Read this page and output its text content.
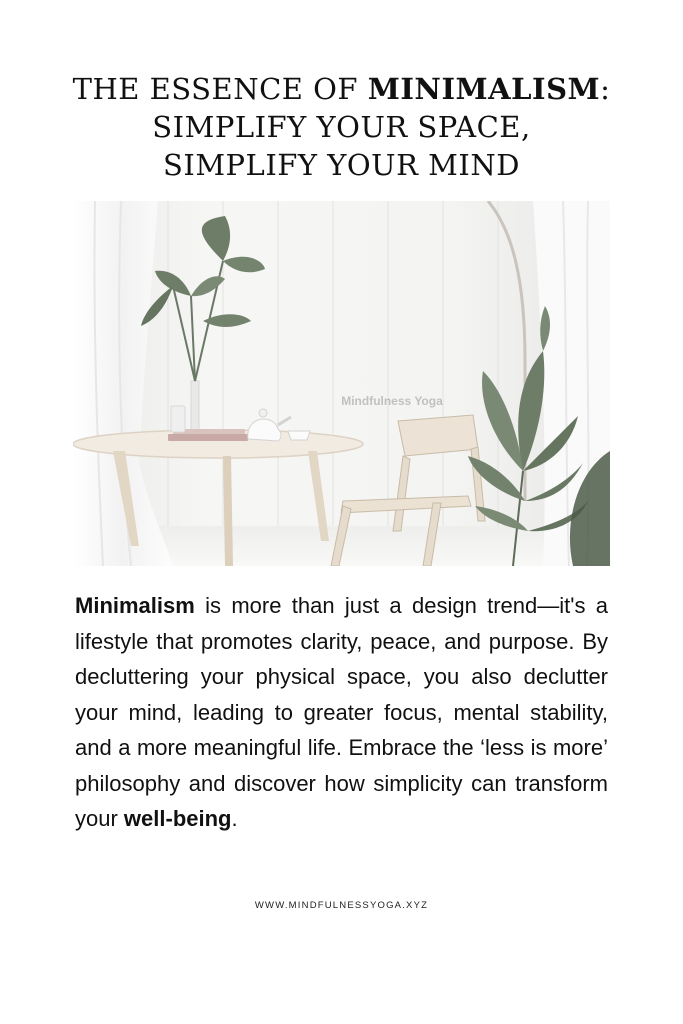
THE ESSENCE OF MINIMALISM:
SIMPLIFY YOUR SPACE,
SIMPLIFY YOUR MIND
Mindfulness Yoga
Minimalism is more than just a design trend—it's a lifestyle that promotes clarity, peace, and purpose. By decluttering your physical space, you also declutter your mind, leading to greater focus, mental stability, and a more meaningful life. Embrace the ‘less is more’ philosophy and discover how simplicity can transform your well-being.
WWW.MINDFULNESSYOGA.XYZ
